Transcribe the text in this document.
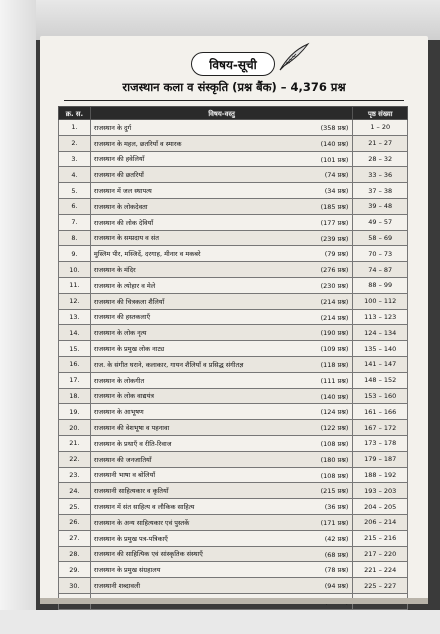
विषय-सूची
राजस्थान कला व संस्कृति (प्रश्न बैंक) – 4,376 प्रश्न
क्र. स.	विषय-वस्तु	पृष्ठ संख्या
1.	राजस्थान के दुर्ग (358 प्रश्न)	1 – 20
2.	राजस्थान के महल, छतरियाँ व स्मारक (140 प्रश्न)	21 – 27
3.	राजस्थान की हवेलियाँ (101 प्रश्न)	28 – 32
4.	राजस्थान की छतरियाँ (74 प्रश्न)	33 – 36
5.	राजस्थान में जल स्थापत्य (34 प्रश्न)	37 – 38
6.	राजस्थान के लोकदेवता (185 प्रश्न)	39 – 48
7.	राजस्थान की लोक देवियाँ (177 प्रश्न)	49 – 57
8.	राजस्थान के सम्प्रदाय व संत (239 प्रश्न)	58 – 69
9.	मुस्लिम पीर, मस्जिदें, दरगाह, मीनार व मकबरे (79 प्रश्न)	70 – 73
10.	राजस्थान के मंदिर (276 प्रश्न)	74 – 87
11.	राजस्थान के त्योहार व मेले (230 प्रश्न)	88 – 99
12.	राजस्थान की चित्रकला शैलियाँ (214 प्रश्न)	100 – 112
13.	राजस्थान की हस्तकलाएँ (214 प्रश्न)	113 – 123
14.	राजस्थान के लोक नृत्य (190 प्रश्न)	124 – 134
15.	राजस्थान के प्रमुख लोक नाट्य (109 प्रश्न)	135 – 140
16.	राज. के संगीत घराने, कलाकार, गायन शैलियाँ व प्रसिद्ध संगीतज्ञ (118 प्रश्न)	141 – 147
17.	राजस्थान के लोकगीत (111 प्रश्न)	148 – 152
18.	राजस्थान के लोक वाद्ययंत्र (140 प्रश्न)	153 – 160
19.	राजस्थान के आभूषण (124 प्रश्न)	161 – 166
20.	राजस्थान की वेशभूषा व पहनावा (122 प्रश्न)	167 – 172
21.	राजस्थान के प्रथाएँ व रीति-रिवाज (108 प्रश्न)	173 – 178
22.	राजस्थान की जनजातियाँ (180 प्रश्न)	179 – 187
23.	राजस्थानी भाषा व बोलियाँ (108 प्रश्न)	188 – 192
24.	राजस्थानी साहित्यकार व कृतियाँ (215 प्रश्न)	193 – 203
25.	राजस्थान में संत साहित्य व लौकिक साहित्य (36 प्रश्न)	204 – 205
26.	राजस्थान के अन्य साहित्यकार एवं पुस्तकें (171 प्रश्न)	206 – 214
27.	राजस्थान के प्रमुख पत्र-पत्रिकाएँ (42 प्रश्न)	215 – 216
28.	राजस्थान की साहित्यिक एवं सांस्कृतिक संस्थाएँ (68 प्रश्न)	217 – 220
29.	राजस्थान के प्रमुख संग्रहालय (78 प्रश्न)	221 – 224
30.	राजस्थानी शब्दावली (94 प्रश्न)	225 – 227
